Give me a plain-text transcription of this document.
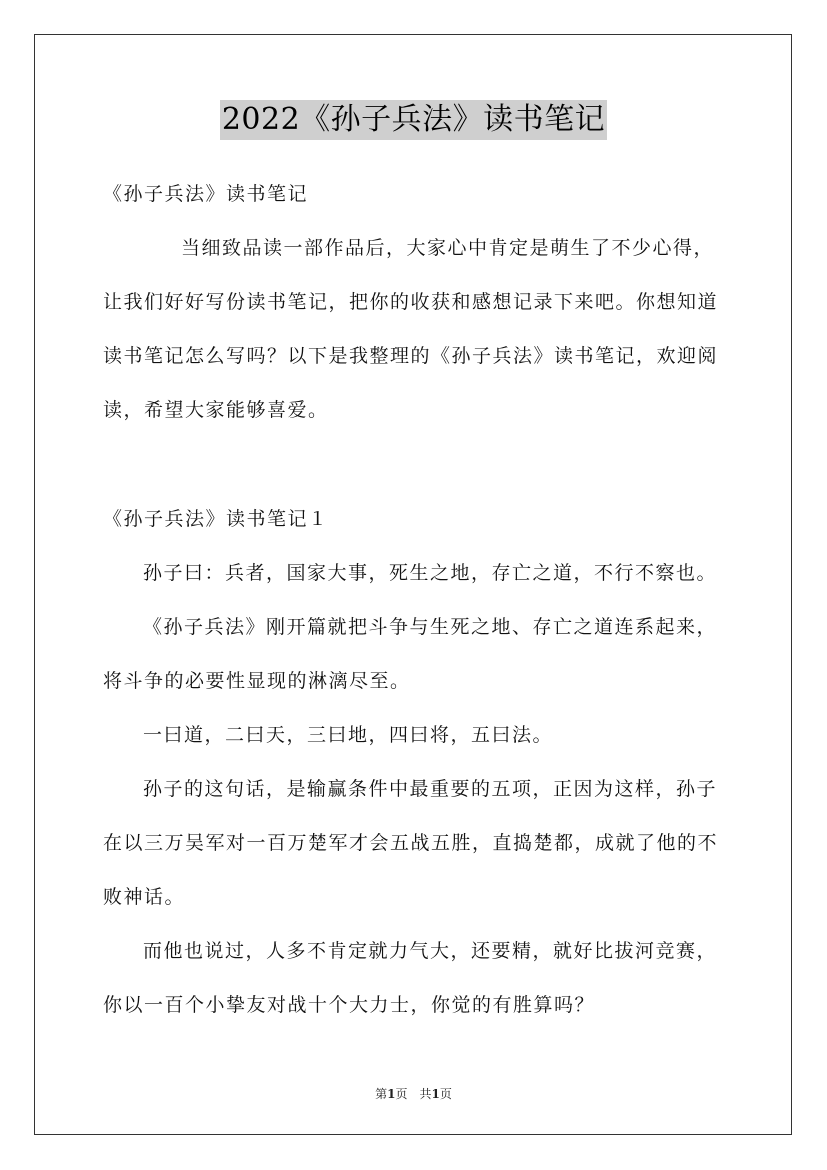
2022《孙子兵法》读书笔记
《孙子兵法》读书笔记
当细致品读一部作品后，大家心中肯定是萌生了不少心得，
让我们好好写份读书笔记，把你的收获和感想记录下来吧。你想知道
读书笔记怎么写吗？以下是我整理的《孙子兵法》读书笔记，欢迎阅
读，希望大家能够喜爱。
《孙子兵法》读书笔记１
孙子曰：兵者，国家大事，死生之地，存亡之道，不行不察也。
《孙子兵法》刚开篇就把斗争与生死之地、存亡之道连系起来，
将斗争的必要性显现的淋漓尽至。
一曰道，二曰天，三曰地，四曰将，五曰法。
孙子的这句话，是输赢条件中最重要的五项，正因为这样，孙子
在以三万吴军对一百万楚军才会五战五胜，直捣楚都，成就了他的不
败神话。
而他也说过，人多不肯定就力气大，还要精，就好比拔河竞赛，
你以一百个小挚友对战十个大力士，你觉的有胜算吗？
第1页　共1页
